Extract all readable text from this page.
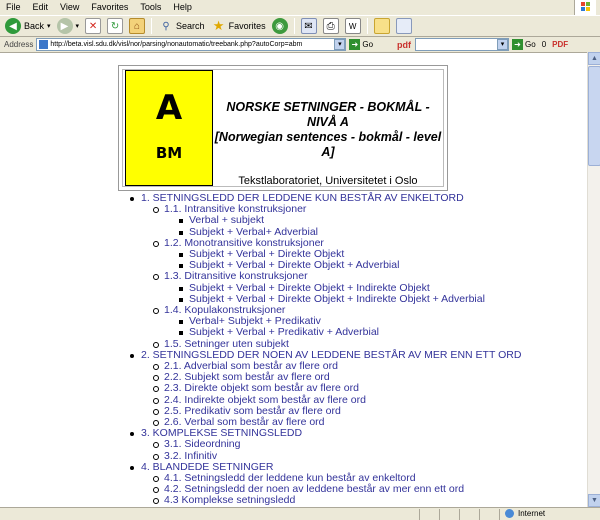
File	Edit	View	Favorites	Tools	Help
◀ Back ▾	▶	▾ ✕	↻	⌂	⚲ Search ★ Favorites ◉	✉	⎙	W
Address	http://beta.visl.sdu.dk/visl/nor/parsing/nonautomatic/treebank.php?autoCorp=abm	▾	➜ Go	pdf	▾	➜ Go 0 PDF
A
BM
NORSKE SETNINGER - BOKMÅL - NIVÅ A
[Norwegian sentences - bokmål - level A]
Tekstlaboratoriet, Universitetet i Oslo
1. SETNINGSLEDD DER LEDDENE KUN BESTÅR AV ENKELTORD
1.1. Intransitive konstruksjoner
Verbal + subjekt
Subjekt + Verbal+ Adverbial
1.2. Monotransitive konstruksjoner
Subjekt + Verbal + Direkte Objekt
Subjekt + Verbal + Direkte Objekt + Adverbial
1.3. Ditransitive konstruksjoner
Subjekt + Verbal + Direkte Objekt + Indirekte Objekt
Subjekt + Verbal + Direkte Objekt + Indirekte Objekt + Adverbial
1.4. Kopulakonstruksjoner
Verbal+ Subjekt + Predikativ
Subjekt + Verbal + Predikativ + Adverbial
1.5. Setninger uten subjekt
2. SETNINGSLEDD DER NOEN AV LEDDENE BESTÅR AV MER ENN ETT ORD
2.1. Adverbial som består av flere ord
2.2. Subjekt som består av flere ord
2.3. Direkte objekt som består av flere ord
2.4. Indirekte objekt som består av flere ord
2.5. Predikativ som består av flere ord
2.6. Verbal som består av flere ord
3. KOMPLEKSE SETNINGSLEDD
3.1. Sideordning
3.2. Infinitiv
4. BLANDEDE SETNINGER
4.1. Setningsledd der leddene kun består av enkeltord
4.2. Setningsledd der noen av leddene består av mer enn ett ord
4.3 Komplekse setningsledd
▲
▼
Internet
